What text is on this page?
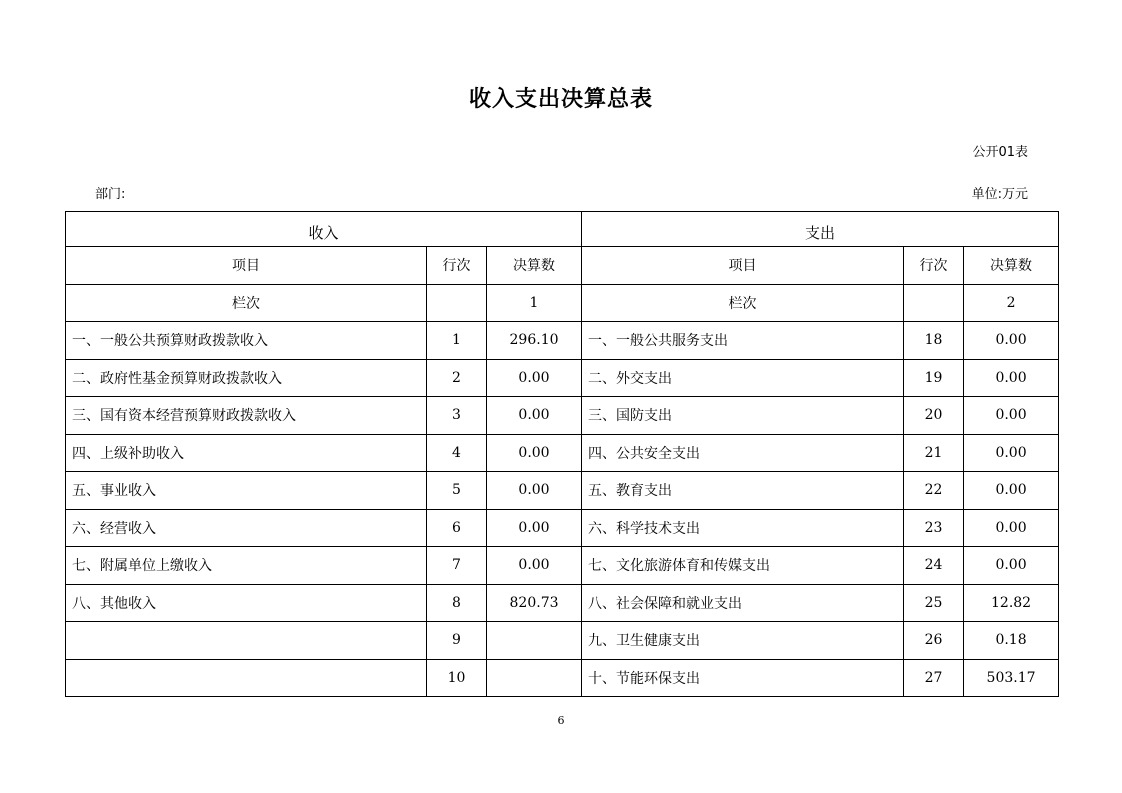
收入支出决算总表
公开01表
部门:	单位:万元
收入			支出		
项目	行次	决算数	项目	行次	决算数
栏次		1	栏次		2
一、一般公共预算财政拨款收入	1	296.10	一、一般公共服务支出	18	0.00
二、政府性基金预算财政拨款收入	2	0.00	二、外交支出	19	0.00
三、国有资本经营预算财政拨款收入	3	0.00	三、国防支出	20	0.00
四、上级补助收入	4	0.00	四、公共安全支出	21	0.00
五、事业收入	5	0.00	五、教育支出	22	0.00
六、经营收入	6	0.00	六、科学技术支出	23	0.00
七、附属单位上缴收入	7	0.00	七、文化旅游体育和传媒支出	24	0.00
八、其他收入	8	820.73	八、社会保障和就业支出	25	12.82
	9		九、卫生健康支出	26	0.18
	10		十、节能环保支出	27	503.17
6
